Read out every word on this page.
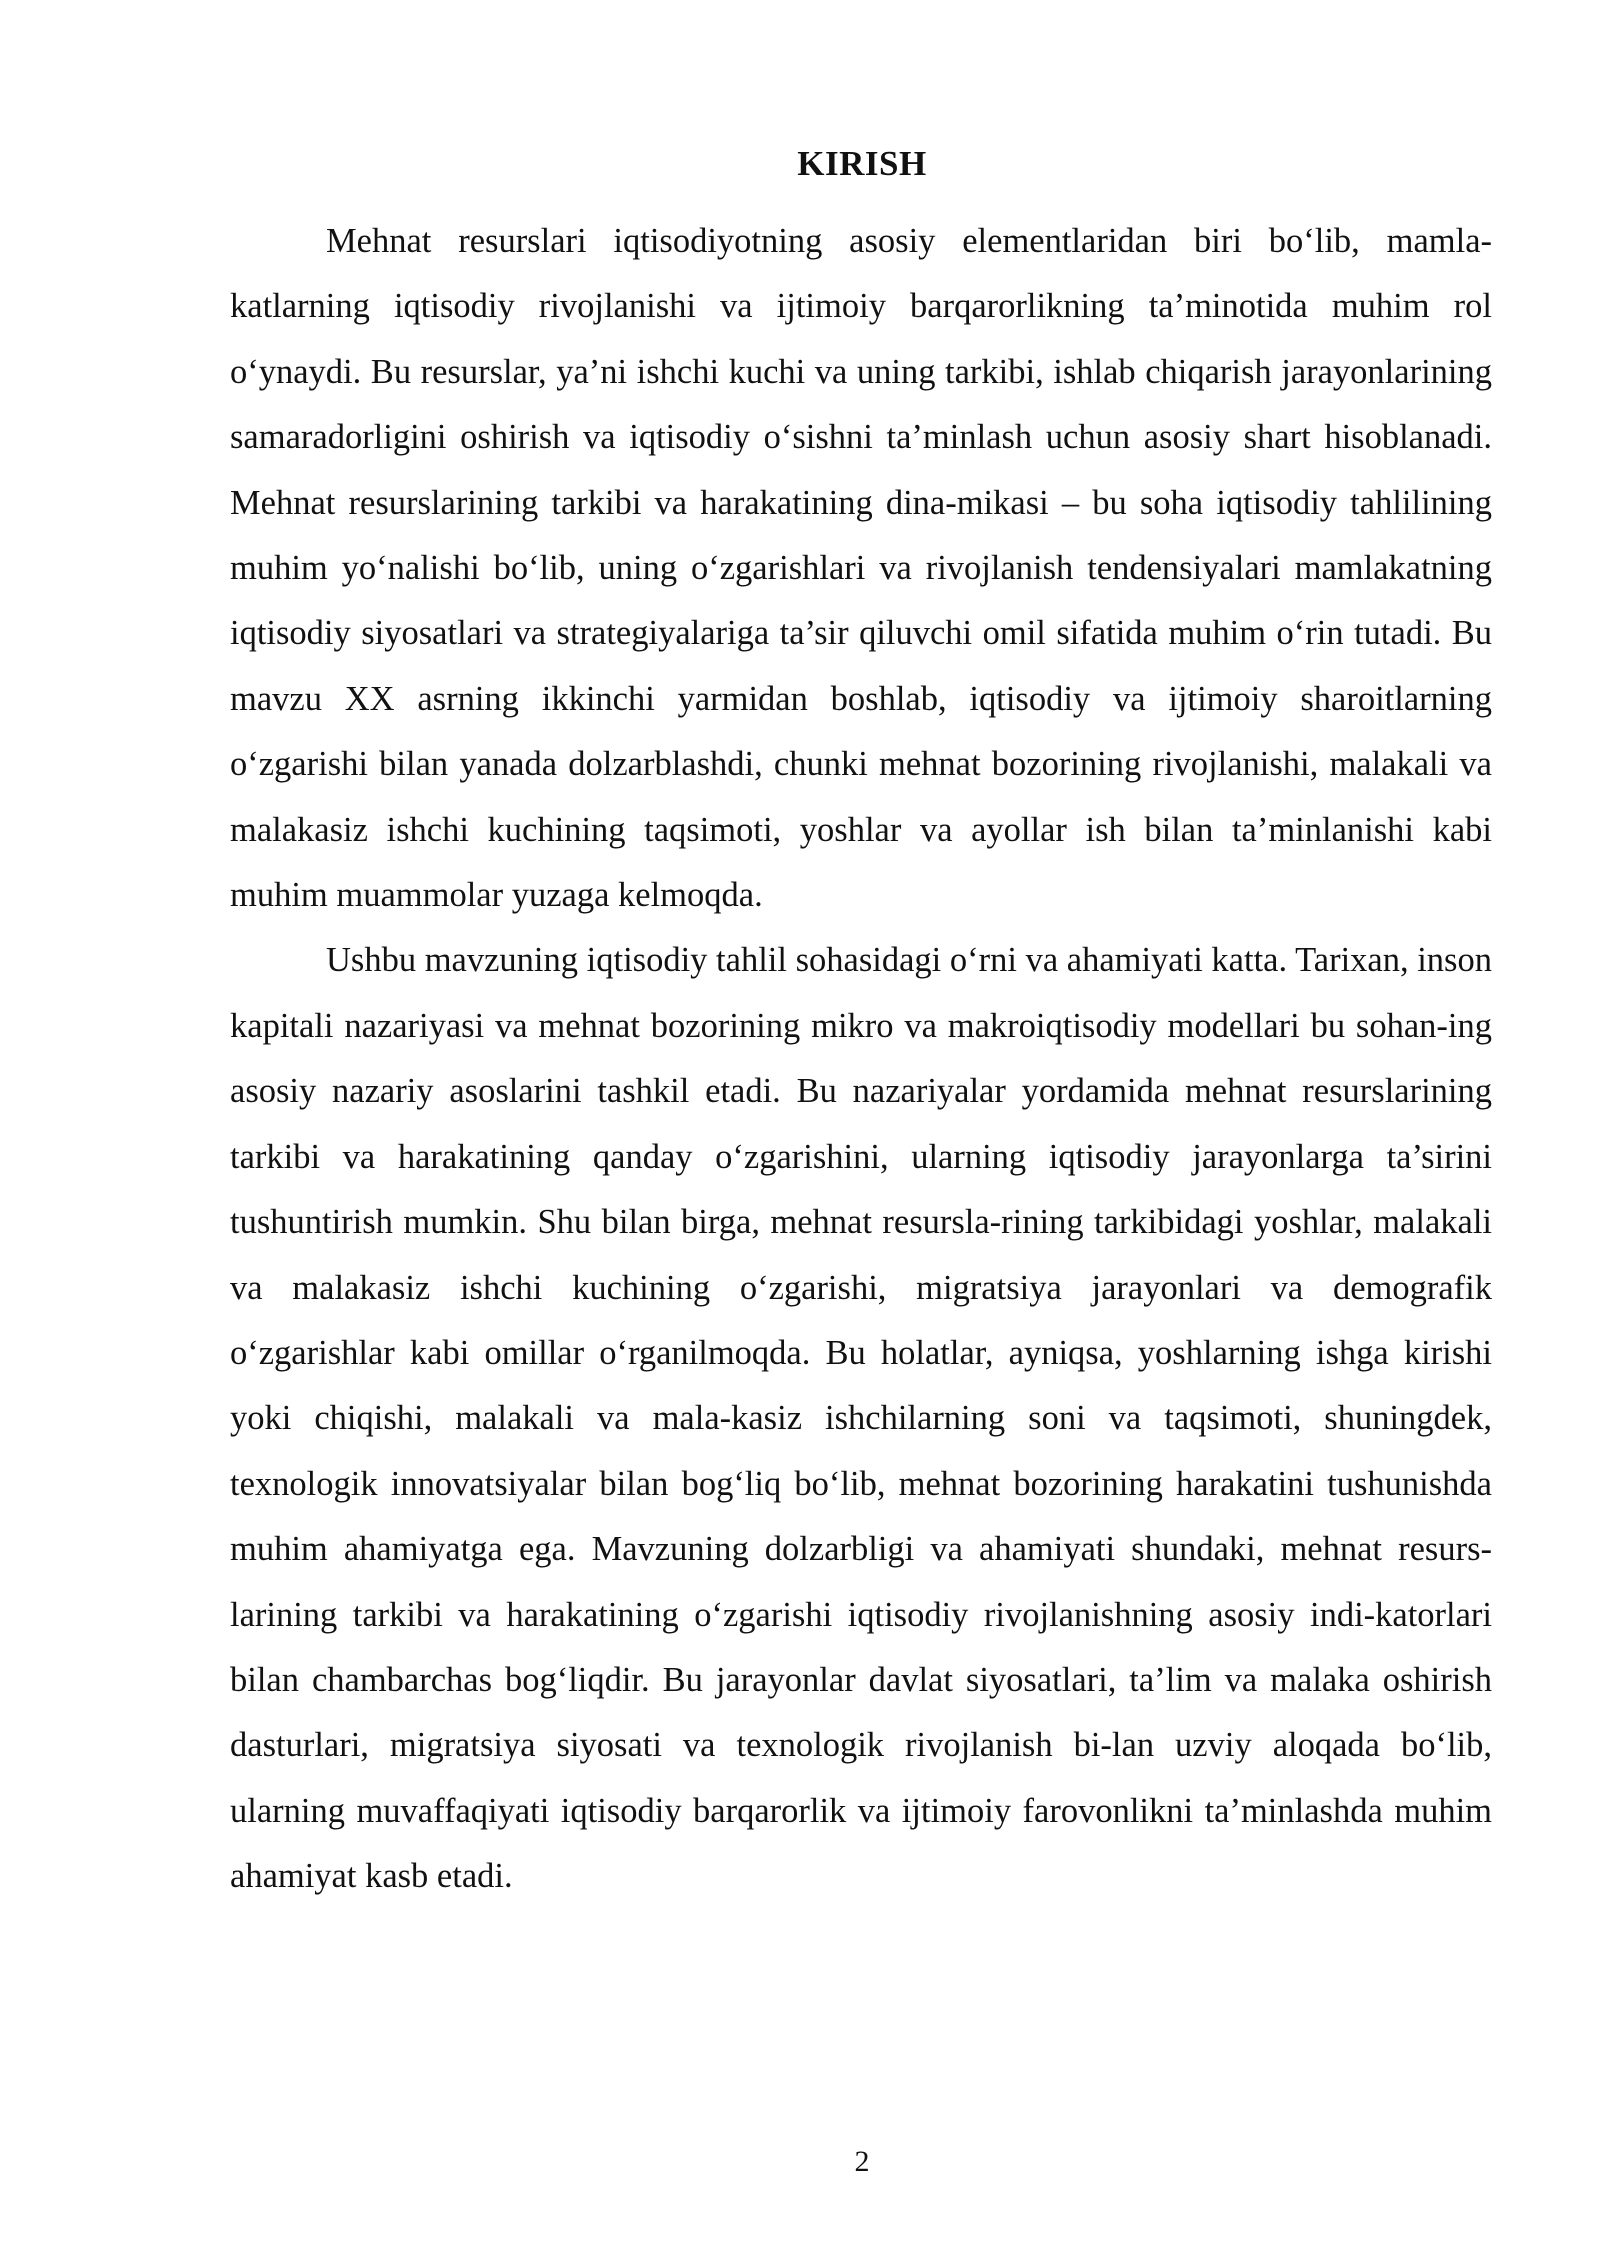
KIRISH

Mehnat resurslari iqtisodiyotning asosiy elementlaridan biri bo‘lib, mamla-katlarning iqtisodiy rivojlanishi va ijtimoiy barqarorlikning ta’minotida muhim rol o‘ynaydi. Bu resurslar, ya’ni ishchi kuchi va uning tarkibi, ishlab chiqarish jarayonlarining samaradorligini oshirish va iqtisodiy o‘sishni ta’minlash uchun asosiy shart hisoblanadi. Mehnat resurslarining tarkibi va harakatining dina-mikasi – bu soha iqtisodiy tahlilining muhim yo‘nalishi bo‘lib, uning o‘zgarishlari va rivojlanish tendensiyalari mamlakatning iqtisodiy siyosatlari va strategiyalariga ta’sir qiluvchi omil sifatida muhim o‘rin tutadi. Bu mavzu XX asrning ikkinchi yarmidan boshlab, iqtisodiy va ijtimoiy sharoitlarning o‘zgarishi bilan yanada dolzarblashdi, chunki mehnat bozorining rivojlanishi, malakali va malakasiz ishchi kuchining taqsimoti, yoshlar va ayollar ish bilan ta’minlanishi kabi muhim muammolar yuzaga kelmoqda.

Ushbu mavzuning iqtisodiy tahlil sohasidagi o‘rni va ahamiyati katta. Tarixan, inson kapitali nazariyasi va mehnat bozorining mikro va makroiqtisodiy modellari bu sohan-ing asosiy nazariy asoslarini tashkil etadi. Bu nazariyalar yordamida mehnat resurslarining tarkibi va harakatining qanday o‘zgarishini, ularning iqtisodiy jarayonlarga ta’sirini tushuntirish mumkin. Shu bilan birga, mehnat resursla-rining tarkibidagi yoshlar, malakali va malakasiz ishchi kuchining o‘zgarishi, migratsiya jarayonlari va demografik o‘zgarishlar kabi omillar o‘rganilmoqda. Bu holatlar, ayniqsa, yoshlarning ishga kirishi yoki chiqishi, malakali va mala-kasiz ishchilarning soni va taqsimoti, shuningdek, texnologik innovatsiyalar bilan bog‘liq bo‘lib, mehnat bozorining harakatini tushunishda muhim ahamiyatga ega. Mavzuning dolzarbligi va ahamiyati shundaki, mehnat resurs-larining tarkibi va harakatining o‘zgarishi iqtisodiy rivojlanishning asosiy indi-katorlari bilan chambarchas bog‘liqdir. Bu jarayonlar davlat siyosatlari, ta’lim va malaka oshirish dasturlari, migratsiya siyosati va texnologik rivojlanish bi-lan uzviy aloqada bo‘lib, ularning muvaffaqiyati iqtisodiy barqarorlik va ijtimoiy farovonlikni ta’minlashda muhim ahamiyat kasb etadi.

2
